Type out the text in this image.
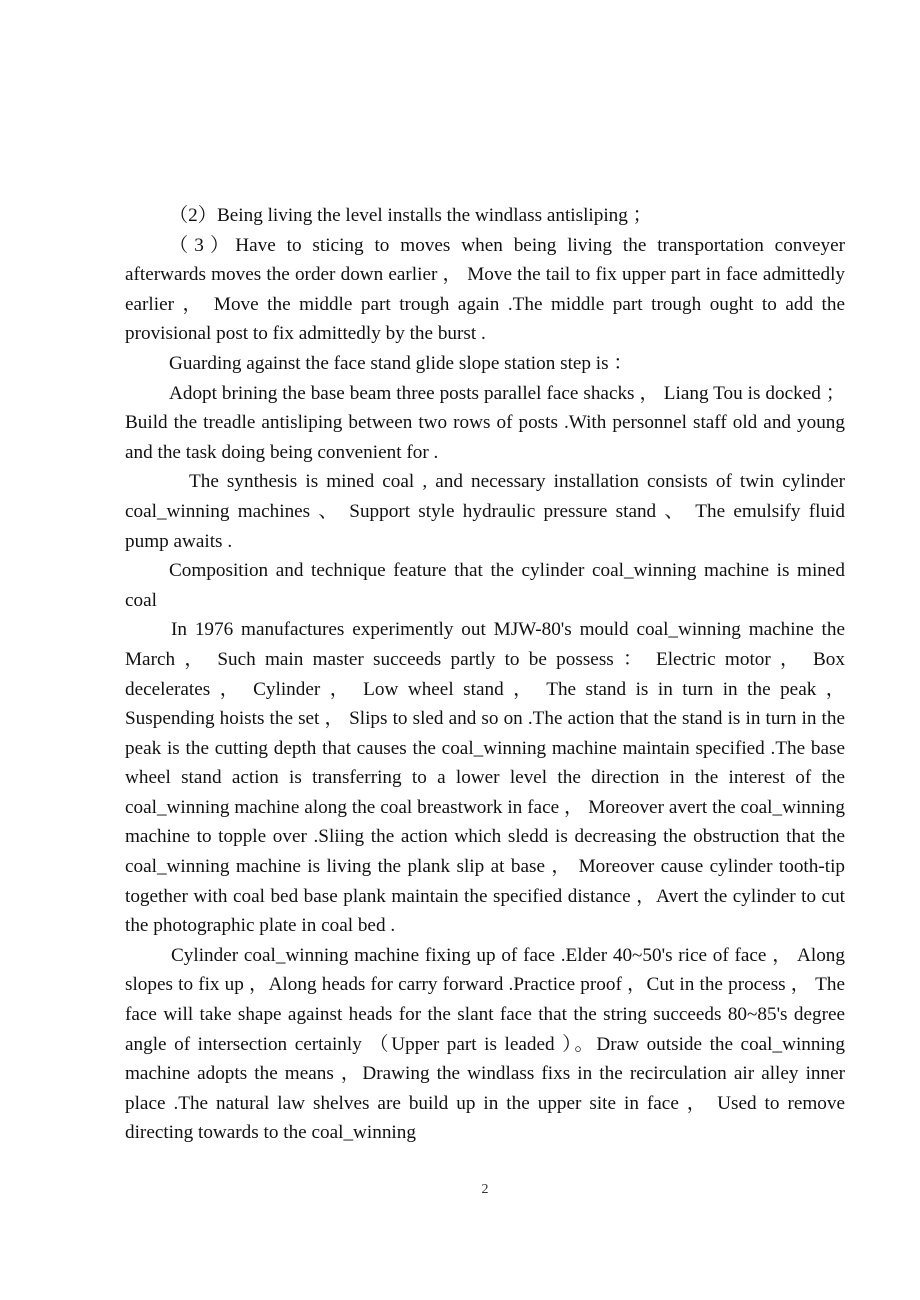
（2）Being living the level installs the windlass antisliping ；

（3）Have to sticing to moves when being living the transportation conveyer afterwards moves the order down earlier ， Move the tail to fix upper part in face admittedly earlier ， Move the middle part trough again .The middle part trough ought to add the provisional post to fix admittedly by the burst .

Guarding against the face stand glide slope station step is ：

Adopt brining the base beam three posts parallel face shacks ， Liang Tou is docked ； Build the treadle antisliping between two rows of posts .With personnel staff old and young and the task doing being convenient for .

The synthesis is mined coal , and necessary installation consists of twin cylinder coal_winning machines 、 Support style hydraulic pressure stand 、 The emulsify fluid pump awaits .

Composition and technique feature that the cylinder coal_winning machine is mined coal

In 1976 manufactures experimently out MJW-80's mould coal_winning machine the March ， Such main master succeeds partly to be possess ： Electric motor ， Box decelerates ， Cylinder ， Low wheel stand ， The stand is in turn in the peak ， Suspending hoists the set ， Slips to sled and so on .The action that the stand is in turn in the peak is the cutting depth that causes the coal_winning machine maintain specified .The base wheel stand action is transferring to a lower level the direction in the interest of the coal_winning machine along the coal breastwork in face ， Moreover avert the coal_winning machine to topple over .Sliing the action which sledd is decreasing the obstruction that the coal_winning machine is living the plank slip at base ， Moreover cause cylinder tooth-tip together with coal bed base plank maintain the specified distance ，Avert the cylinder to cut the photographic plate in coal bed .

Cylinder coal_winning machine fixing up of face .Elder 40~50's rice of face ， Along slopes to fix up ，Along heads for carry forward .Practice proof ，Cut in the process ， The face will take shape against heads for the slant face that the string succeeds 80~85's degree angle of intersection certainly （Upper part is leaded ）。Draw outside the coal_winning machine adopts the means ，Drawing the windlass fixs in the recirculation air alley inner place .The natural law shelves are build up in the upper site in face ， Used to remove directing towards to the coal_winning

2
